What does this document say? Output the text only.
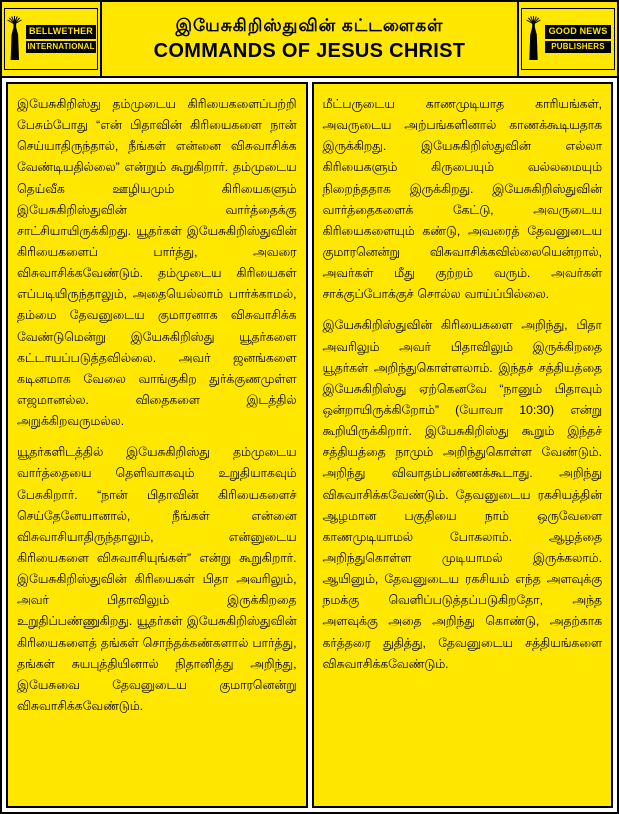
BELLWETHER
INTERNATIONAL
இயேசுகிறிஸ்துவின் கட்டளைகள்
COMMANDS OF JESUS CHRIST
GOOD NEWS
PUBLISHERS

இயேசுகிறிஸ்து தம்முடைய கிரியைகளைப்பற்றி பேசும்போது “என் பிதாவின் கிரியைகளை நான் செய்யாதிருந்தால், நீங்கள் என்னை விசுவாசிக்க வேண்டியதில்லை” என்றும் கூறுகிறார். தம்முடைய தெய்வீக ஊழியமும் கிரியைகளும் இயேசுகிறிஸ்துவின் வார்த்தைக்கு சாட்சியாயிருக்கிறது. யூதர்கள் இயேசுகிறிஸ்துவின் கிரியைகளைப் பார்த்து, அவரை விசுவாசிக்கவேண்டும். தம்முடைய கிரியைகள் எப்படியிருந்தாலும், அதையெல்லாம் பார்க்காமல், தம்மை தேவனுடைய குமாரனாக விசுவாசிக்க வேண்டுமென்று இயேசுகிறிஸ்து யூதர்களை கட்டாயப்படுத்தவில்லை. அவர் ஜனங்களை கடினமாக வேலை வாங்குகிற துர்க்குணமுள்ள எஜமானல்ல. விதைகளை இடத்தில் அறுக்கிறவருமல்ல.

யூதர்களிடத்தில் இயேசுகிறிஸ்து தம்முடைய வார்த்தையை தெளிவாகவும் உறுதியாகவும் பேசுகிறார். “நான் பிதாவின் கிரியைகளைச் செய்தேனேயானால், நீங்கள் என்னை விசுவாசியாதிருந்தாலும், என்னுடைய கிரியைகளை விசுவாசியுங்கள்” என்று கூறுகிறார். இயேசுகிறிஸ்துவின் கிரியைகள் பிதா அவரிலும், அவர் பிதாவிலும் இருக்கிறதை உறுதிப்பண்ணுகிறது. யூதர்கள் இயேசுகிறிஸ்துவின் கிரியைகளைத் தங்கள் சொந்தக்கண்களால் பார்த்து, தங்கள் சுயபுத்தியினால் நிதானித்து அறிந்து, இயேசுவை தேவனுடைய குமாரனென்று விசுவாசிக்கவேண்டும்.

மீட்பருடைய காணமுடியாத காரியங்கள், அவருடைய அற்பங்களினால் காணக்கூடியதாக இருக்கிறது. இயேசுகிறிஸ்துவின் எல்லா கிரியைகளும் கிருபையும் வல்லமையும் நிறைந்ததாக இருக்கிறது. இயேசுகிறிஸ்துவின் வார்த்தைகளைக் கேட்டு, அவருடைய கிரியைகளையும் கண்டு, அவரைத் தேவனுடைய குமாரனென்று விசுவாசிக்கவில்லையென்றால், அவர்கள் மீது குற்றம் வரும். அவர்கள் சாக்குப்போக்குச் சொல்ல வாய்ப்பில்லை.

இயேசுகிறிஸ்துவின் கிரியைகளை அறிந்து, பிதா அவரிலும் அவர் பிதாவிலும் இருக்கிறதை யூதர்கள் அறிந்துகொள்ளலாம். இந்தச் சத்தியத்தை இயேசுகிறிஸ்து ஏற்கெனவே “நானும் பிதாவும் ஒன்றாயிருக்கிறோம்” (யோவா 10:30) என்று கூறியிருக்கிறார். இயேசுகிறிஸ்து கூறும் இந்தச் சத்தியத்தை நாமும் அறிந்துகொள்ள வேண்டும். அறிந்து விவாதம்பண்ணக்கூடாது. அறிந்து விசுவாசிக்கவேண்டும். தேவனுடைய ரகசியத்தின் ஆழமான பகுதியை நாம் ஒருவேளை காணமுடியாமல் போகலாம். ஆழத்தை அறிந்துகொள்ள முடியாமல் இருக்கலாம். ஆயினும், தேவனுடைய ரகசியம் எந்த அளவுக்கு நமக்கு வெளிப்படுத்தப்படுகிறதோ, அந்த அளவுக்கு அதை அறிந்து கொண்டு, அதற்காக கர்த்தரை துதித்து, தேவனுடைய சத்தியங்களை விசுவாசிக்கவேண்டும்.
